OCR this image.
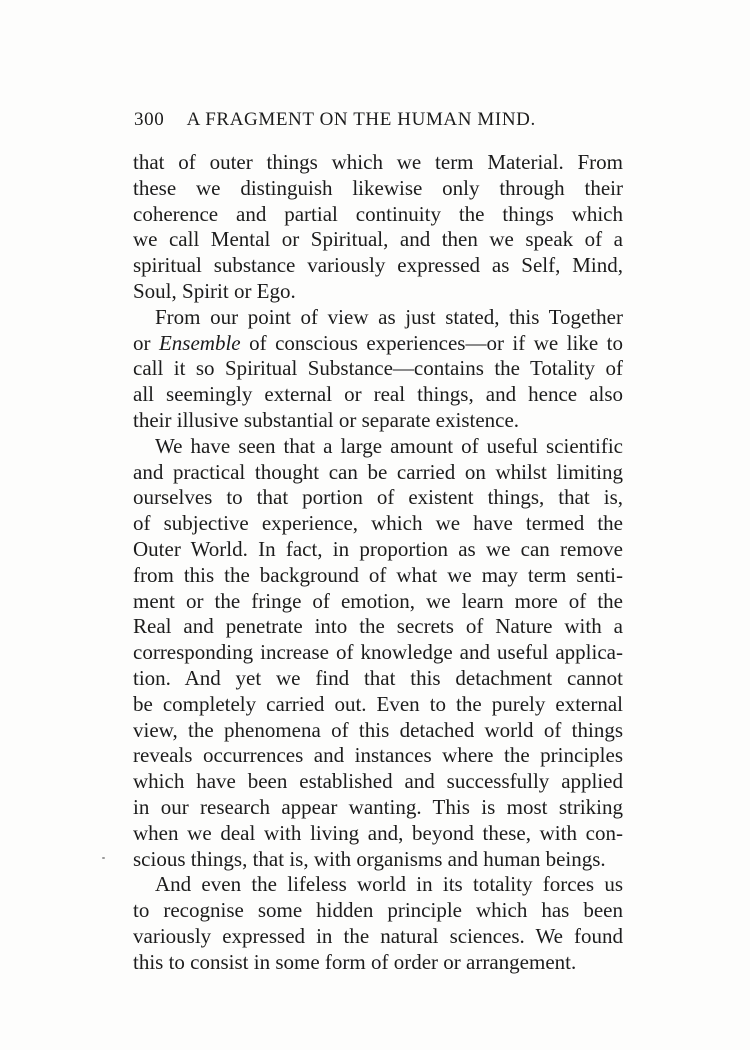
300 A FRAGMENT ON THE HUMAN MIND.
that of outer things which we term Material. From
these we distinguish likewise only through their
coherence and partial continuity the things which
we call Mental or Spiritual, and then we speak of a
spiritual substance variously expressed as Self, Mind,
Soul, Spirit or Ego.
From our point of view as just stated, this Together
or Ensemble of conscious experiences—or if we like to
call it so Spiritual Substance—contains the Totality of
all seemingly external or real things, and hence also
their illusive substantial or separate existence.
We have seen that a large amount of useful scientific
and practical thought can be carried on whilst limiting
ourselves to that portion of existent things, that is,
of subjective experience, which we have termed the
Outer World. In fact, in proportion as we can remove
from this the background of what we may term senti-
ment or the fringe of emotion, we learn more of the
Real and penetrate into the secrets of Nature with a
corresponding increase of knowledge and useful applica-
tion. And yet we find that this detachment cannot
be completely carried out. Even to the purely external
view, the phenomena of this detached world of things
reveals occurrences and instances where the principles
which have been established and successfully applied
in our research appear wanting. This is most striking
when we deal with living and, beyond these, with con-
scious things, that is, with organisms and human beings.
And even the lifeless world in its totality forces us
to recognise some hidden principle which has been
variously expressed in the natural sciences. We found
this to consist in some form of order or arrangement.
